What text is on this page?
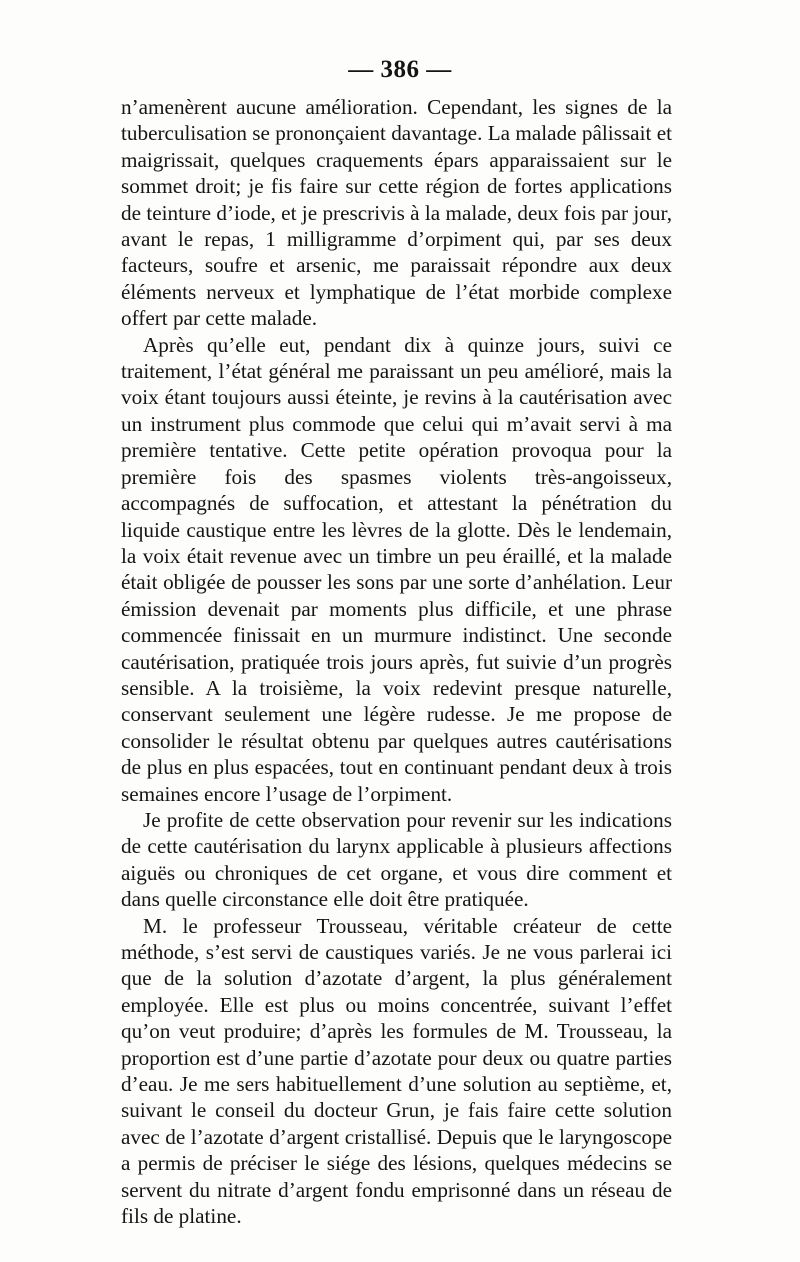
— 386 —

n’amenèrent aucune amélioration. Cependant, les signes de la tuberculisation se prononçaient davantage. La malade pâlissait et maigrissait, quelques craquements épars apparaissaient sur le sommet droit; je fis faire sur cette région de fortes applications de teinture d’iode, et je prescrivis à la malade, deux fois par jour, avant le repas, 1 milligramme d’orpiment qui, par ses deux facteurs, soufre et arsenic, me paraissait répondre aux deux éléments nerveux et lymphatique de l’état morbide complexe offert par cette malade.

Après qu’elle eut, pendant dix à quinze jours, suivi ce traitement, l’état général me paraissant un peu amélioré, mais la voix étant toujours aussi éteinte, je revins à la cautérisation avec un instrument plus commode que celui qui m’avait servi à ma première tentative. Cette petite opération provoqua pour la première fois des spasmes violents très-angoisseux, accompagnés de suffocation, et attestant la pénétration du liquide caustique entre les lèvres de la glotte. Dès le lendemain, la voix était revenue avec un timbre un peu éraillé, et la malade était obligée de pousser les sons par une sorte d’anhélation. Leur émission devenait par moments plus difficile, et une phrase commencée finissait en un murmure indistinct. Une seconde cautérisation, pratiquée trois jours après, fut suivie d’un progrès sensible. A la troisième, la voix redevint presque naturelle, conservant seulement une légère rudesse. Je me propose de consolider le résultat obtenu par quelques autres cautérisations de plus en plus espacées, tout en continuant pendant deux à trois semaines encore l’usage de l’orpiment.

Je profite de cette observation pour revenir sur les indications de cette cautérisation du larynx applicable à plusieurs affections aiguës ou chroniques de cet organe, et vous dire comment et dans quelle circonstance elle doit être pratiquée.

M. le professeur Trousseau, véritable créateur de cette méthode, s’est servi de caustiques variés. Je ne vous parlerai ici que de la solution d’azotate d’argent, la plus généralement employée. Elle est plus ou moins concentrée, suivant l’effet qu’on veut produire; d’après les formules de M. Trousseau, la proportion est d’une partie d’azotate pour deux ou quatre parties d’eau. Je me sers habituellement d’une solution au septième, et, suivant le conseil du docteur Grun, je fais faire cette solution avec de l’azotate d’argent cristallisé. Depuis que le laryngoscope a permis de préciser le siége des lésions, quelques médecins se servent du nitrate d’argent fondu emprisonné dans un réseau de fils de platine.
